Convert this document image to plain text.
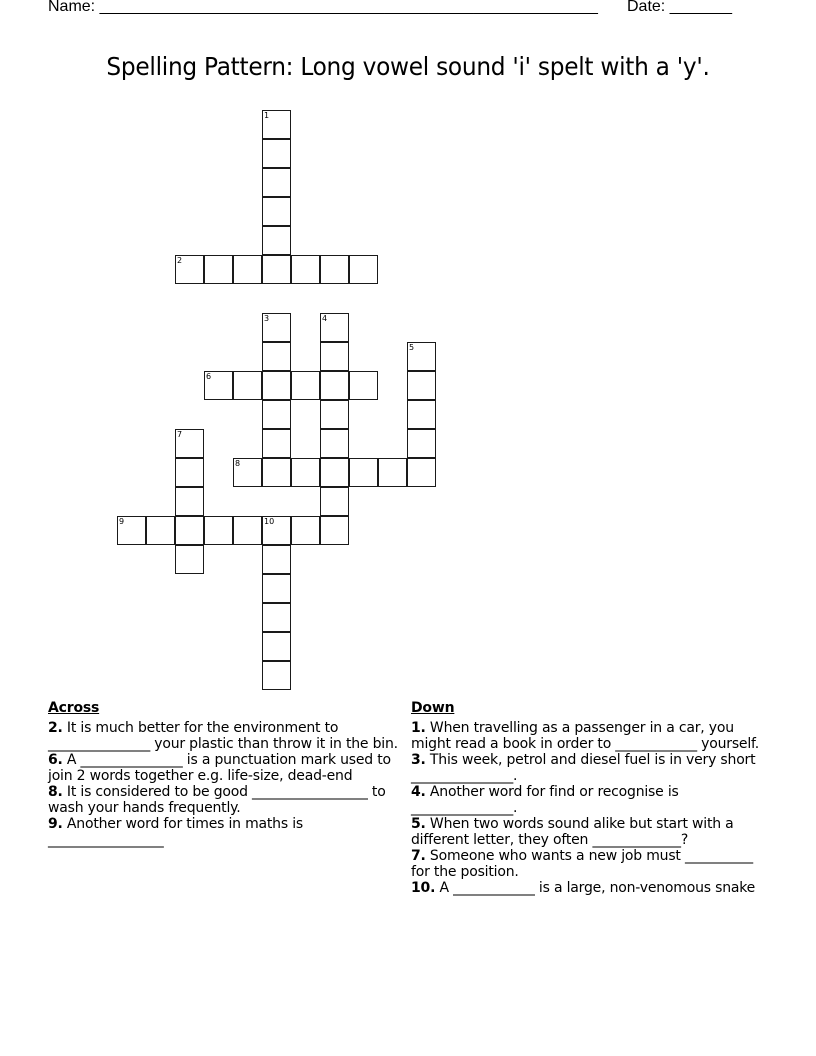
Name: ________________________________________________________ Date: _______
Spelling Pattern: Long vowel sound 'i' spelt with a 'y'.
1
2
3	4
5
6
7
8
9	10
Across
2. It is much better for the environment to _______________ your plastic than throw it in the bin.
6. A _______________ is a punctuation mark used to join 2 words together e.g. life-size, dead-end
8. It is considered to be good _________________ to wash your hands frequently.
9. Another word for times in maths is _________________
Down
1. When travelling as a passenger in a car, you might read a book in order to ____________ yourself.
3. This week, petrol and diesel fuel is in very short _______________.
4. Another word for find or recognise is _______________.
5. When two words sound alike but start with a different letter, they often _____________?
7. Someone who wants a new job must __________ for the position.
10. A ____________ is a large, non-venomous snake
